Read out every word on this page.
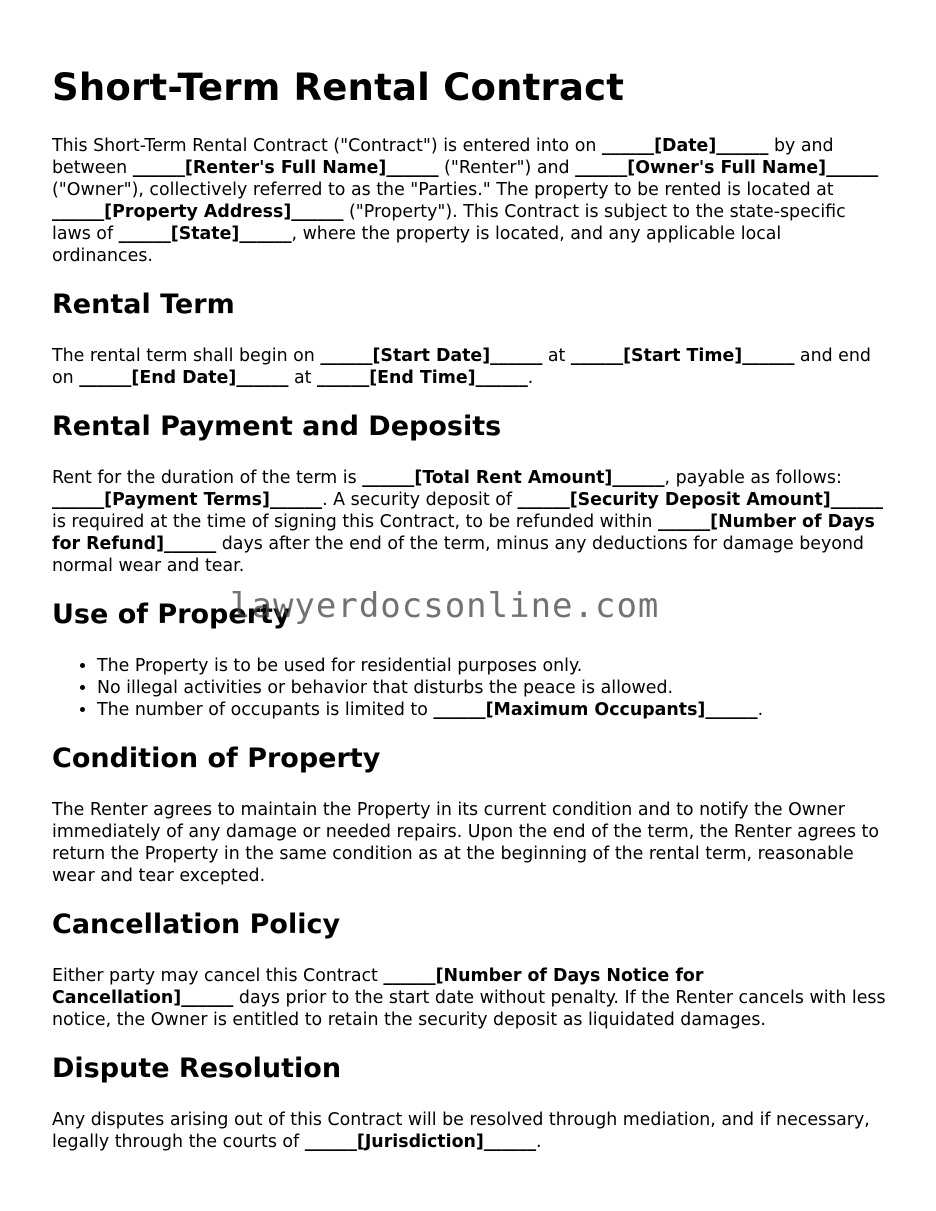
Short-Term Rental Contract

This Short-Term Rental Contract ("Contract") is entered into on ______[Date]______ by and between ______[Renter's Full Name]______ ("Renter") and ______[Owner's Full Name]______ ("Owner"), collectively referred to as the "Parties." The property to be rented is located at ______[Property Address]______ ("Property"). This Contract is subject to the state-specific laws of ______[State]______, where the property is located, and any applicable local ordinances.

Rental Term

The rental term shall begin on ______[Start Date]______ at ______[Start Time]______ and end on ______[End Date]______ at ______[End Time]______.

Rental Payment and Deposits

Rent for the duration of the term is ______[Total Rent Amount]______, payable as follows: ______[Payment Terms]______. A security deposit of ______[Security Deposit Amount]______ is required at the time of signing this Contract, to be refunded within ______[Number of Days for Refund]______ days after the end of the term, minus any deductions for damage beyond normal wear and tear.

Use of Property
• The Property is to be used for residential purposes only.
• No illegal activities or behavior that disturbs the peace is allowed.
• The number of occupants is limited to ______[Maximum Occupants]______.
Condition of Property

The Renter agrees to maintain the Property in its current condition and to notify the Owner immediately of any damage or needed repairs. Upon the end of the term, the Renter agrees to return the Property in the same condition as at the beginning of the rental term, reasonable wear and tear excepted.

Cancellation Policy

Either party may cancel this Contract ______[Number of Days Notice for Cancellation]______ days prior to the start date without penalty. If the Renter cancels with less notice, the Owner is entitled to retain the security deposit as liquidated damages.

Dispute Resolution

Any disputes arising out of this Contract will be resolved through mediation, and if necessary, legally through the courts of ______[Jurisdiction]______.

lawyerdocsonline.com
